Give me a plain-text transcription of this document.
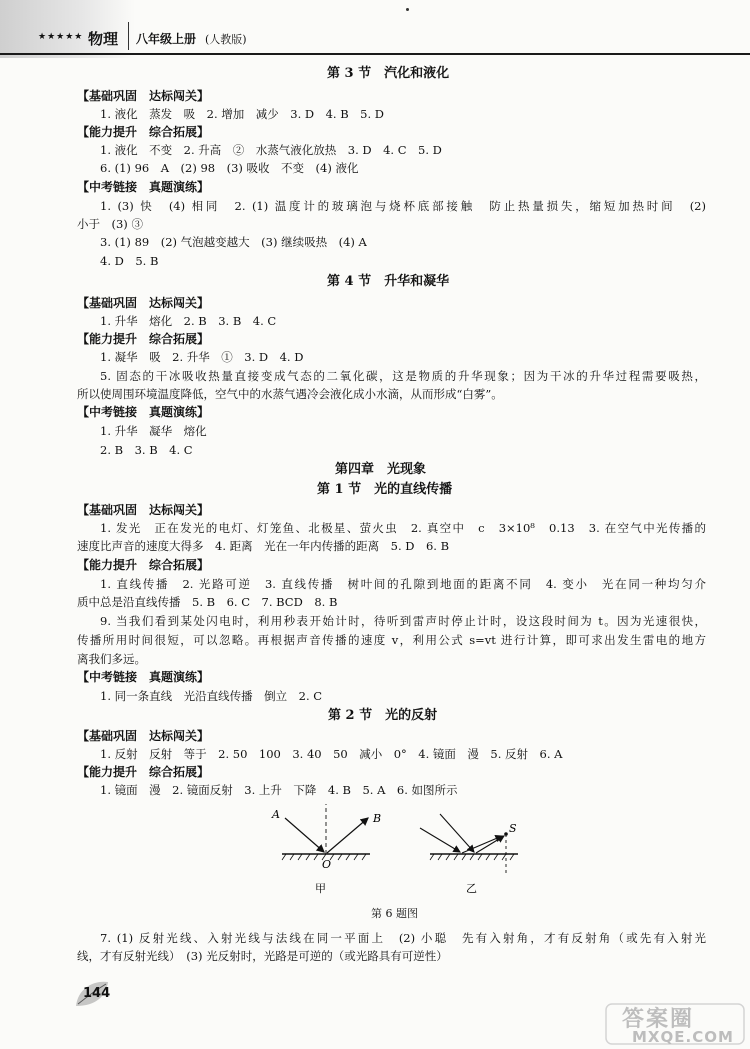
★★★★★ 物理 八年级上册 (人教版)
第 3 节　汽化和液化
【基础巩固　达标闯关】
1. 液化　蒸发　吸　2. 增加　减少　3. D　4. B　5. D
【能力提升　综合拓展】
1. 液化　不变　2. 升高　②　水蒸气液化放热　3. D　4. C　5. D
6. (1) 96　A　(2) 98　(3) 吸收　不变　(4) 液化
【中考链接　真题演练】
1. (3) 快　(4) 相同　2. (1) 温度计的玻璃泡与烧杯底部接触　防止热量损失，缩短加热时间　(2)
小于　(3) ③
3. (1) 89　(2) 气泡越变越大　(3) 继续吸热　(4) A
4. D　5. B
第 4 节　升华和凝华
【基础巩固　达标闯关】
1. 升华　熔化　2. B　3. B　4. C
【能力提升　综合拓展】
1. 凝华　吸　2. 升华　①　3. D　4. D
5. 固态的干冰吸收热量直接变成气态的二氧化碳，这是物质的升华现象；因为干冰的升华过程需要吸热，
所以使周围环境温度降低，空气中的水蒸气遇冷会液化成小水滴，从而形成“白雾”。
【中考链接　真题演练】
1. 升华　凝华　熔化
2. B　3. B　4. C
第四章　光现象
第 1 节　光的直线传播
【基础巩固　达标闯关】
1. 发光　正在发光的电灯、灯笼鱼、北极星、萤火虫　2. 真空中　c　3×10⁸　0.13　3. 在空气中光传播的
速度比声音的速度大得多　4. 距离　光在一年内传播的距离　5. D　6. B
【能力提升　综合拓展】
1. 直线传播　2. 光路可逆　3. 直线传播　树叶间的孔隙到地面的距离不同　4. 变小　光在同一种均匀介
质中总是沿直线传播　5. B　6. C　7. BCD　8. B
9. 当我们看到某处闪电时，利用秒表开始计时，待听到雷声时停止计时，设这段时间为 t。因为光速很快，
传播所用时间很短，可以忽略。再根据声音传播的速度 v，利用公式 s=vt 进行计算，即可求出发生雷电的地方
离我们多远。
【中考链接　真题演练】
1. 同一条直线　光沿直线传播　倒立　2. C
第 2 节　光的反射
【基础巩固　达标闯关】
1. 反射　反射　等于　2. 50　100　3. 40　50　减小　0°　4. 镜面　漫　5. 反射　6. A
【能力提升　综合拓展】
1. 镜面　漫　2. 镜面反射　3. 上升　下降　4. B　5. A　6. 如图所示
A	B
O
甲
S
乙
第 6 题图
7. (1) 反射光线、入射光线与法线在同一平面上　(2) 小聪　先有入射角，才有反射角（或先有入射光
线，才有反射光线）　(3) 光反射时，光路是可逆的（或光路具有可逆性）
144
答案圈
MXQE.COM
